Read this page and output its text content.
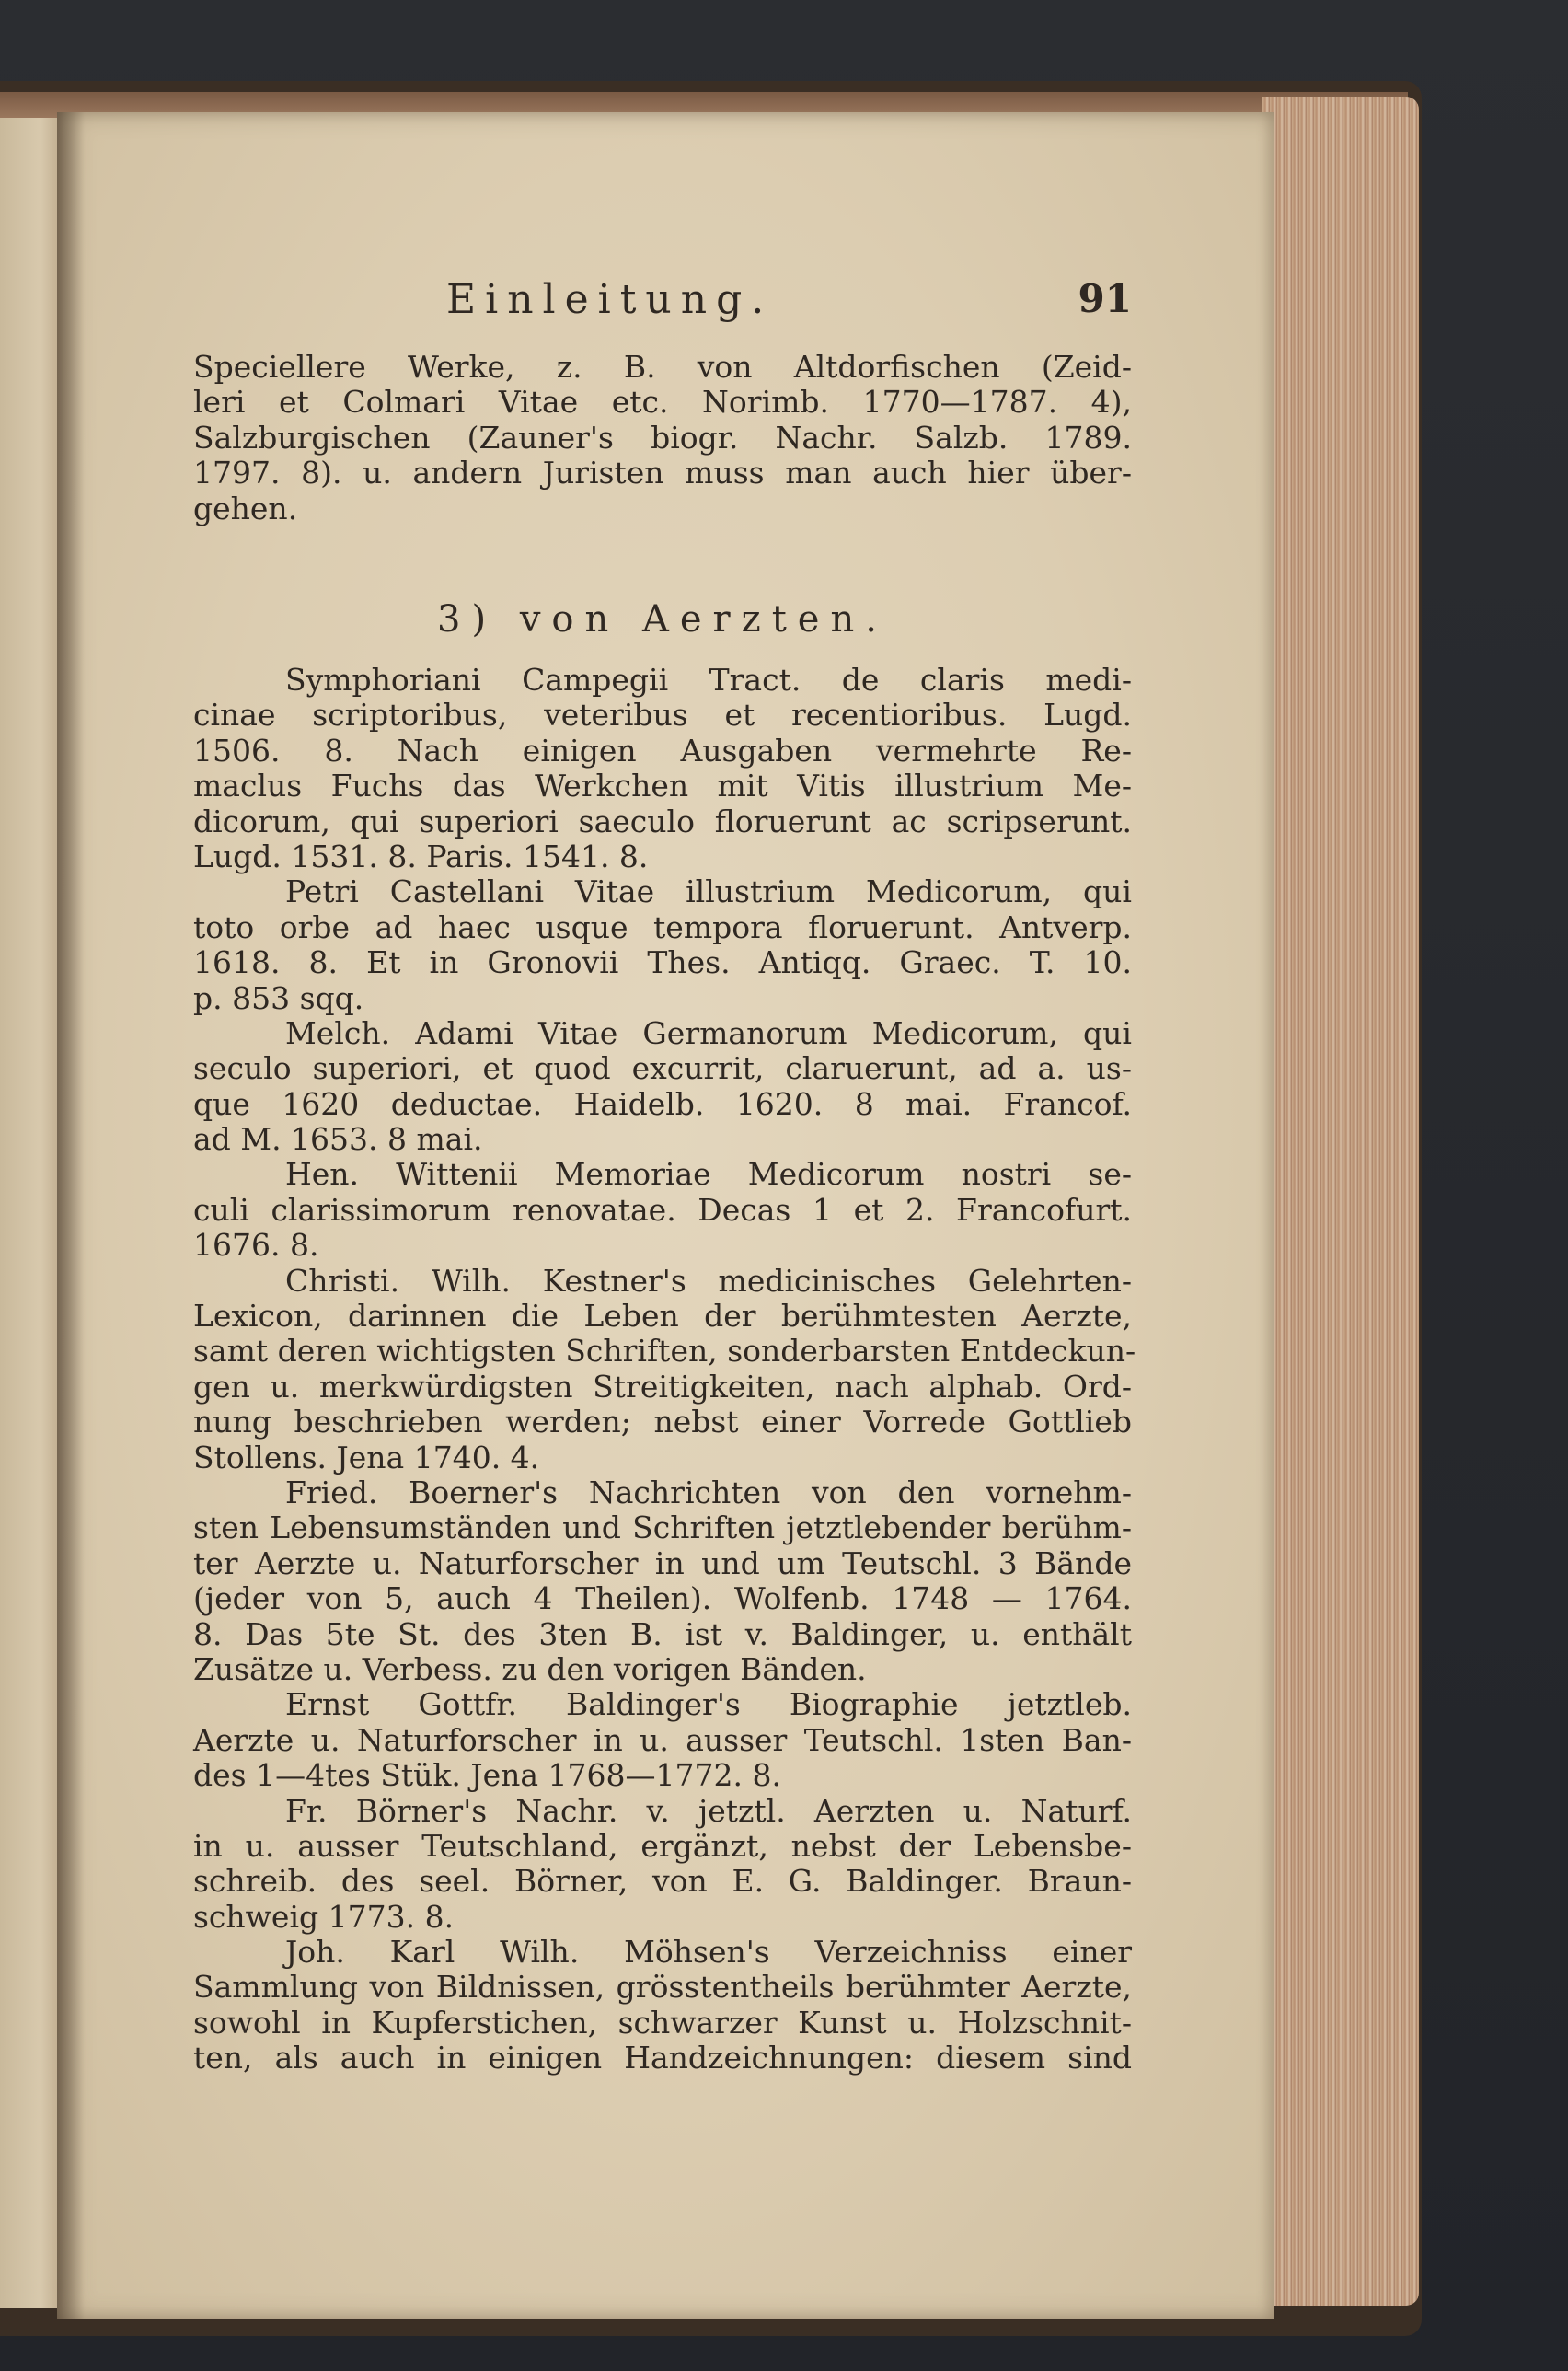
Einleitung.	91
Speciellere Werke, z. B. von Altdorfischen (Zeid-
leri et Colmari Vitae etc. Norimb. 1770—1787. 4),
Salzburgischen (Zauner's biogr. Nachr. Salzb. 1789.
1797. 8). u. andern Juristen muss man auch hier über-
gehen.
3) von Aerzten.
Symphoriani Campegii Tract. de claris medi-
cinae scriptoribus, veteribus et recentioribus. Lugd.
1506. 8. Nach einigen Ausgaben vermehrte Re-
maclus Fuchs das Werkchen mit Vitis illustrium Me-
dicorum, qui superiori saeculo floruerunt ac scripserunt.
Lugd. 1531. 8. Paris. 1541. 8.
Petri Castellani Vitae illustrium Medicorum, qui
toto orbe ad haec usque tempora floruerunt. Antverp.
1618. 8. Et in Gronovii Thes. Antiqq. Graec. T. 10.
p. 853 sqq.
Melch. Adami Vitae Germanorum Medicorum, qui
seculo superiori, et quod excurrit, claruerunt, ad a. us-
que 1620 deductae. Haidelb. 1620. 8 mai. Francof.
ad M. 1653. 8 mai.
Hen. Wittenii Memoriae Medicorum nostri se-
culi clarissimorum renovatae. Decas 1 et 2. Francofurt.
1676. 8.
Christi. Wilh. Kestner's medicinisches Gelehrten-
Lexicon, darinnen die Leben der berühmtesten Aerzte,
samt deren wichtigsten Schriften, sonderbarsten Entdeckun-
gen u. merkwürdigsten Streitigkeiten, nach alphab. Ord-
nung beschrieben werden; nebst einer Vorrede Gottlieb
Stollens. Jena 1740. 4.
Fried. Boerner's Nachrichten von den vornehm-
sten Lebensumständen und Schriften jetztlebender berühm-
ter Aerzte u. Naturforscher in und um Teutschl. 3 Bände
(jeder von 5, auch 4 Theilen). Wolfenb. 1748 — 1764.
8. Das 5te St. des 3ten B. ist v. Baldinger, u. enthält
Zusätze u. Verbess. zu den vorigen Bänden.
Ernst Gottfr. Baldinger's Biographie jetztleb.
Aerzte u. Naturforscher in u. ausser Teutschl. 1sten Ban-
des 1—4tes Stük. Jena 1768—1772. 8.
Fr. Börner's Nachr. v. jetztl. Aerzten u. Naturf.
in u. ausser Teutschland, ergänzt, nebst der Lebensbe-
schreib. des seel. Börner, von E. G. Baldinger. Braun-
schweig 1773. 8.
Joh. Karl Wilh. Möhsen's Verzeichniss einer
Sammlung von Bildnissen, grösstentheils berühmter Aerzte,
sowohl in Kupferstichen, schwarzer Kunst u. Holzschnit-
ten, als auch in einigen Handzeichnungen: diesem sind
